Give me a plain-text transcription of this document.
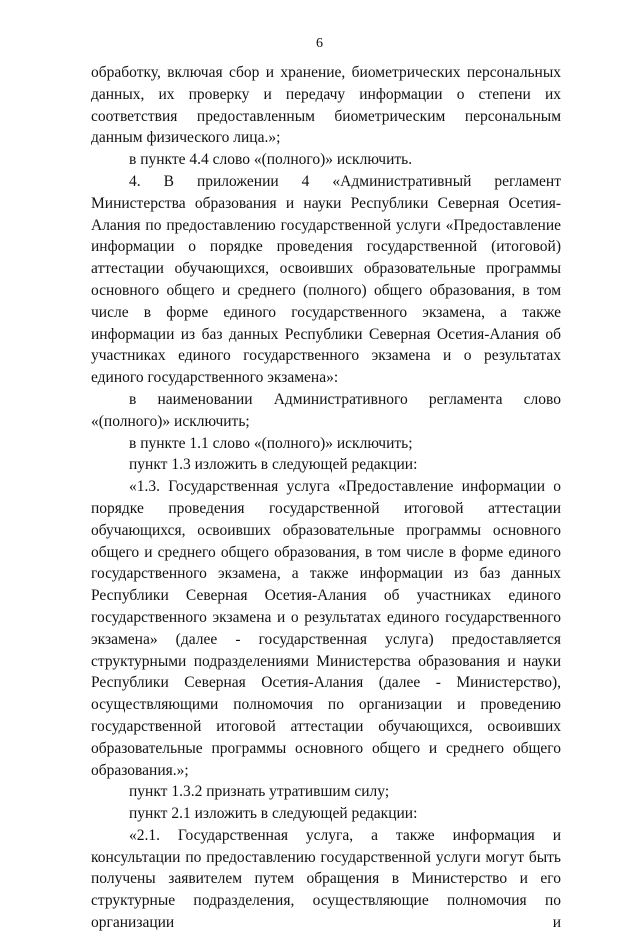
6

обработку, включая сбор и хранение, биометрических персональных данных, их проверку и передачу информации о степени их соответствия предоставленным биометрическим персональным данным физического лица.»;

в пункте 4.4 слово «(полного)» исключить.

4. В приложении 4 «Административный регламент Министерства образования и науки Республики Северная Осетия-Алания по предоставлению государственной услуги «Предоставление информации о порядке проведения государственной (итоговой) аттестации обучающихся, освоивших образовательные программы основного общего и среднего (полного) общего образования, в том числе в форме единого государственного экзамена, а также информации из баз данных Республики Северная Осетия-Алания об участниках единого государственного экзамена и о результатах единого государственного экзамена»:

в наименовании Административного регламента слово «(полного)» исключить;

в пункте 1.1 слово «(полного)» исключить;

пункт 1.3 изложить в следующей редакции:

«1.3. Государственная услуга «Предоставление информации о порядке проведения государственной итоговой аттестации обучающихся, освоивших образовательные программы основного общего и среднего общего образования, в том числе в форме единого государственного экзамена, а также информации из баз данных Республики Северная Осетия-Алания об участниках единого государственного экзамена и о результатах единого государственного экзамена» (далее - государственная услуга) предоставляется структурными подразделениями Министерства образования и науки Республики Северная Осетия-Алания (далее - Министерство), осуществляющими полномочия по организации и проведению государственной итоговой аттестации обучающихся, освоивших образовательные программы основного общего и среднего общего образования.»;

пункт 1.3.2 признать утратившим силу;

пункт 2.1 изложить в следующей редакции:

«2.1. Государственная услуга, а также информация и консультации по предоставлению государственной услуги могут быть получены заявителем путем обращения в Министерство и его структурные подразделения, осуществляющие полномочия по организации и
